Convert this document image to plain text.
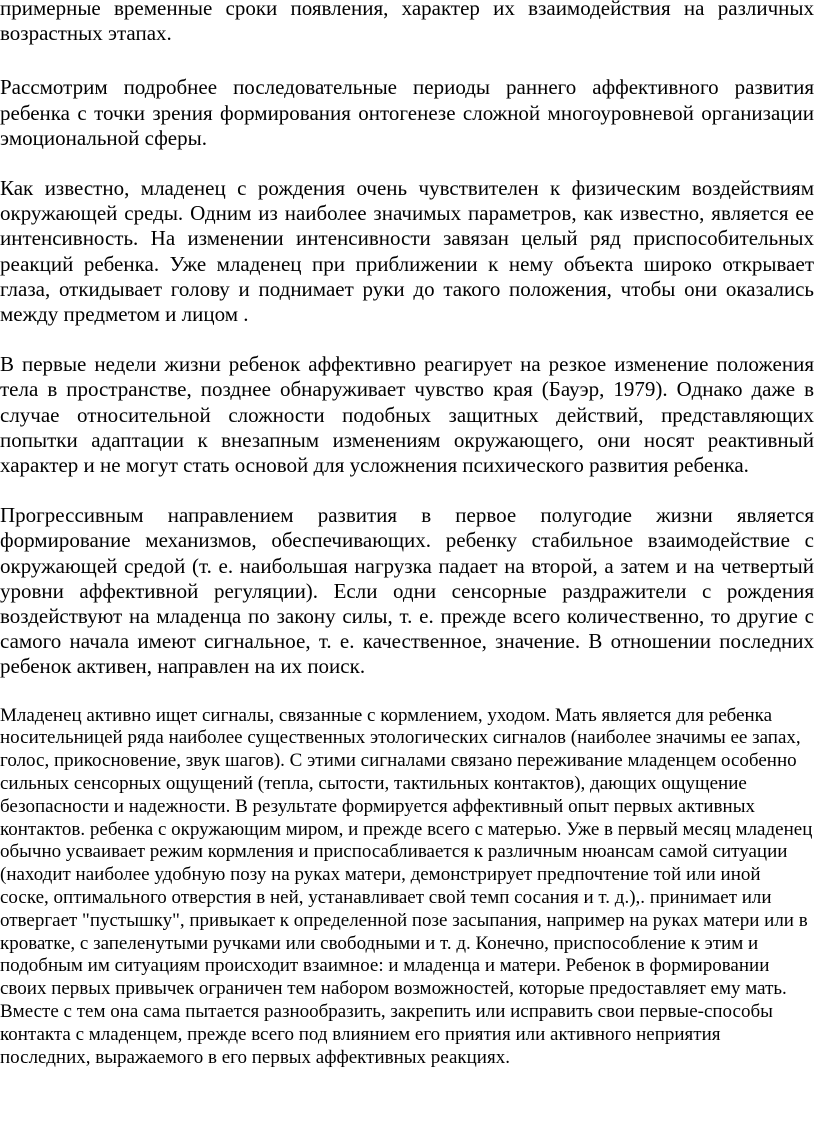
примерные временные сроки появления, характер их взаимодействия на различных возрастных этапах.

Рассмотрим подробнее последовательные периоды раннего аффективного развития ребенка с точки зрения формирования онтогенезе сложной многоуровневой организации эмоциональной сферы.

Как известно, младенец с рождения очень чувствителен к физическим воздействиям окружающей среды. Одним из наиболее значимых параметров, как известно, является ее интенсивность. На изменении интенсивности завязан целый ряд приспособительных реакций ребенка. Уже младенец при приближении к нему объекта широко открывает глаза, откидывает голову и поднимает руки до такого положения, чтобы они оказались между предметом и лицом .

В первые недели жизни ребенок аффективно реагирует на резкое изменение положения тела в пространстве, позднее обнаруживает чувство края (Бауэр, 1979). Однако даже в случае относительной сложности подобных защитных действий, представляющих попытки адаптации к внезапным изменениям окружающего, они носят реактивный характер и не могут стать основой для усложнения психического развития ребенка.

Прогрессивным направлением развития в первое полугодие жизни является формирование механизмов, обеспечивающих. ребенку стабильное взаимодействие с окружающей средой (т. е. наибольшая нагрузка падает на второй, а затем и на четвертый уровни аффективной регуляции). Если одни сенсорные раздражители с рождения воздействуют на младенца по закону силы, т. е. прежде всего количественно, то другие с самого начала имеют сигнальное, т. е. качественное, значение. В отношении последних ребенок активен, направлен на их поиск.

Младенец активно ищет сигналы, связанные с кормлением, уходом. Мать является для ребенка носительницей ряда наиболее существенных этологических сигналов (наиболее значимы ее запах, голос, прикосновение, звук шагов). С этими сигналами связано переживание младенцем особенно сильных сенсорных ощущений (тепла, сытости, тактильных контактов), дающих ощущение безопасности и надежности. В результате формируется аффективный опыт первых активных контактов. ребенка с окружающим миром, и прежде всего с матерью. Уже в первый месяц младенец обычно усваивает режим кормления и приспосабливается к различным нюансам самой ситуации (находит наиболее удобную позу на руках матери, демонстрирует предпочтение той или иной соске, оптимального отверстия в ней, устанавливает свой темп сосания и т. д.),. принимает или отвергает "пустышку", привыкает к определенной позе засыпания, например на руках матери или в кроватке, с запеленутыми ручками или свободными и т. д. Конечно, приспособление к этим и подобным им ситуациям происходит взаимное: и младенца и матери. Ребенок в формировании своих первых привычек ограничен тем набором возможностей, которые предоставляет ему мать. Вместе с тем она сама пытается разнообразить, закрепить или исправить свои первые-способы контакта с младенцем, прежде всего под влиянием его приятия или активного неприятия последних, выражаемого в его первых аффективных реакциях.
